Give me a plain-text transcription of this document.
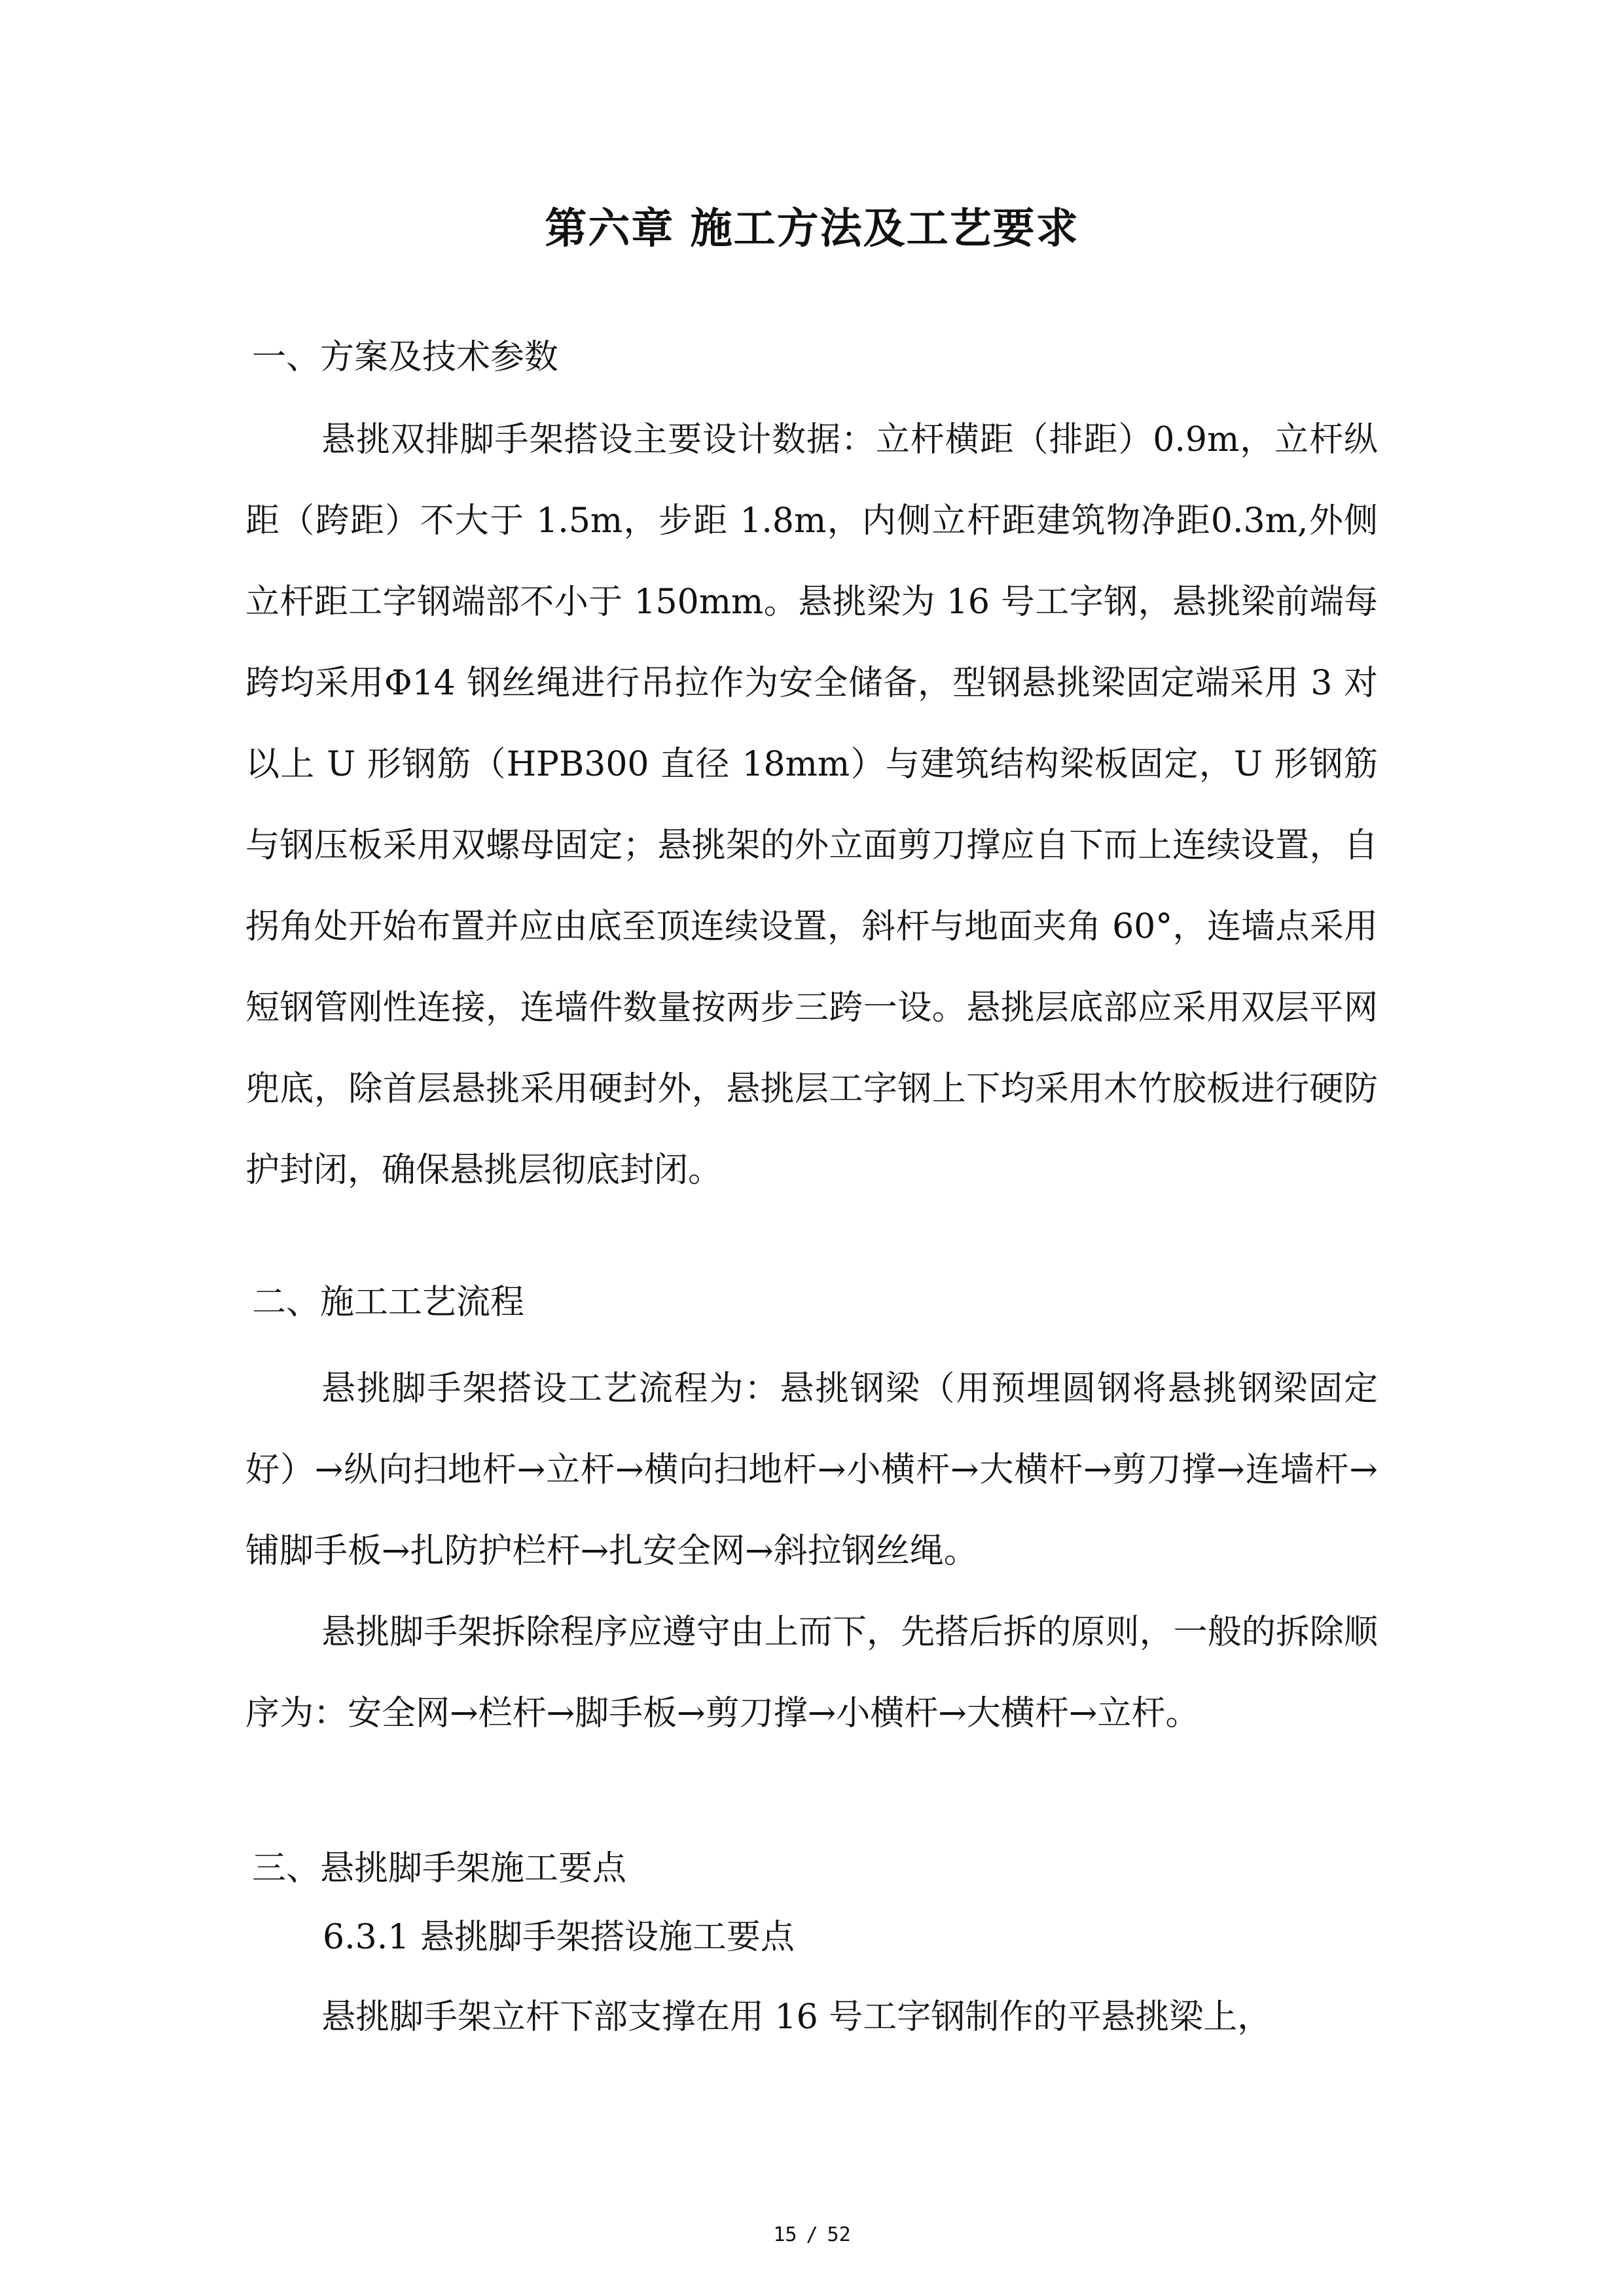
第六章 施工方法及工艺要求
一、方案及技术参数
悬挑双排脚手架搭设主要设计数据：立杆横距（排距）0.9m，立杆纵距（跨距）不大于 1.5m，步距 1.8m，内侧立杆距建筑物净距0.3m,外侧立杆距工字钢端部不小于 150mm。悬挑梁为 16 号工字钢，悬挑梁前端每跨均采用Φ14 钢丝绳进行吊拉作为安全储备，型钢悬挑梁固定端采用 3 对以上 U 形钢筋（HPB300 直径 18mm）与建筑结构梁板固定，U 形钢筋与钢压板采用双螺母固定；悬挑架的外立面剪刀撑应自下而上连续设置，自拐角处开始布置并应由底至顶连续设置，斜杆与地面夹角 60°，连墙点采用短钢管刚性连接，连墙件数量按两步三跨一设。悬挑层底部应采用双层平网兜底，除首层悬挑采用硬封外，悬挑层工字钢上下均采用木竹胶板进行硬防护封闭，确保悬挑层彻底封闭。
二、施工工艺流程
悬挑脚手架搭设工艺流程为：悬挑钢梁（用预埋圆钢将悬挑钢梁固定好）→纵向扫地杆→立杆→横向扫地杆→小横杆→大横杆→剪刀撑→连墙杆→铺脚手板→扎防护栏杆→扎安全网→斜拉钢丝绳。
悬挑脚手架拆除程序应遵守由上而下，先搭后拆的原则，一般的拆除顺序为：安全网→栏杆→脚手板→剪刀撑→小横杆→大横杆→立杆。
三、悬挑脚手架施工要点
6.3.1 悬挑脚手架搭设施工要点
悬挑脚手架立杆下部支撑在用 16 号工字钢制作的平悬挑梁上，
15 / 52
